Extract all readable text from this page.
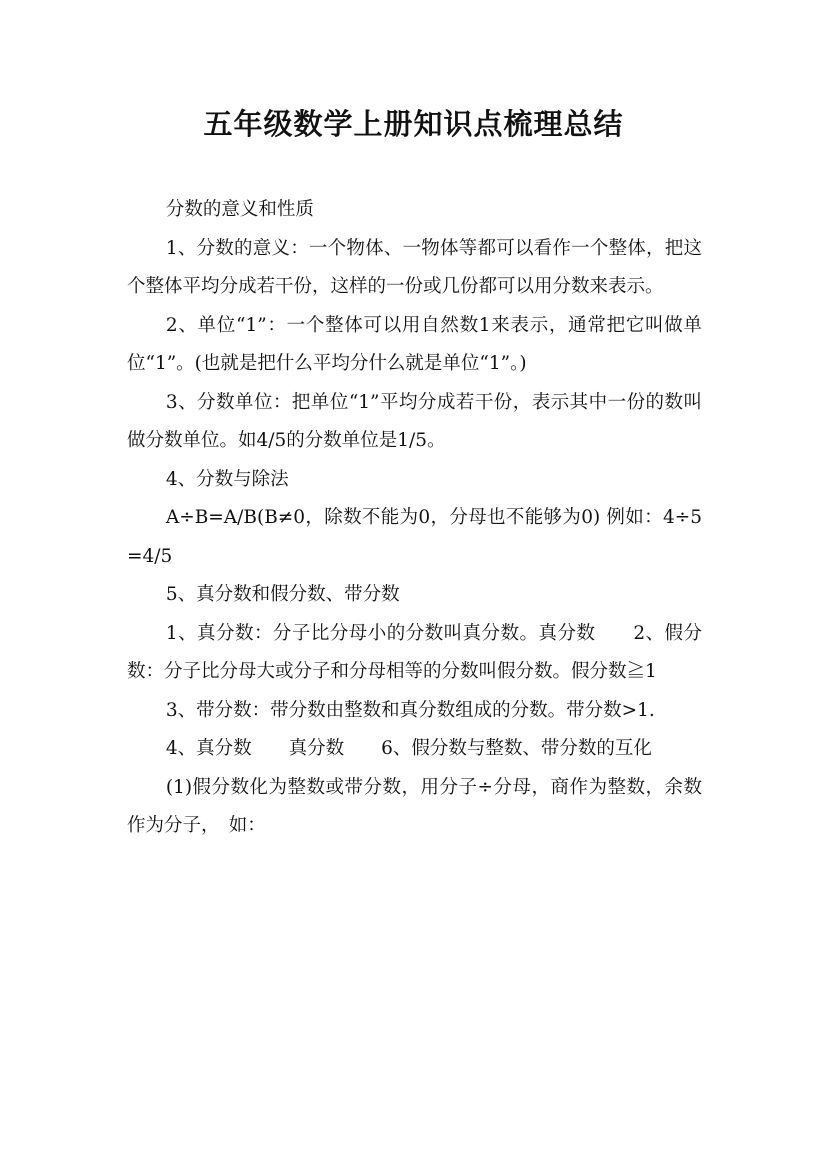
五年级数学上册知识点梳理总结

分数的意义和性质

1、分数的意义：一个物体、一物体等都可以看作一个整体，把这个整体平均分成若干份，这样的一份或几份都可以用分数来表示。

2、单位“1”：一个整体可以用自然数1来表示，通常把它叫做单位“1”。(也就是把什么平均分什么就是单位“1”。)

3、分数单位：把单位“1”平均分成若干份，表示其中一份的数叫做分数单位。如4/5的分数单位是1/5。

4、分数与除法

A÷B=A/B(B≠0，除数不能为0，分母也不能够为0) 例如：4÷5=4/5

5、真分数和假分数、带分数

1、真分数：分子比分母小的分数叫真分数。真分数　　2、假分数：分子比分母大或分子和分母相等的分数叫假分数。假分数≧1

3、带分数：带分数由整数和真分数组成的分数。带分数>1.

4、真分数　　真分数　　6、假分数与整数、带分数的互化

(1)假分数化为整数或带分数，用分子÷分母，商作为整数，余数作为分子，　如：
